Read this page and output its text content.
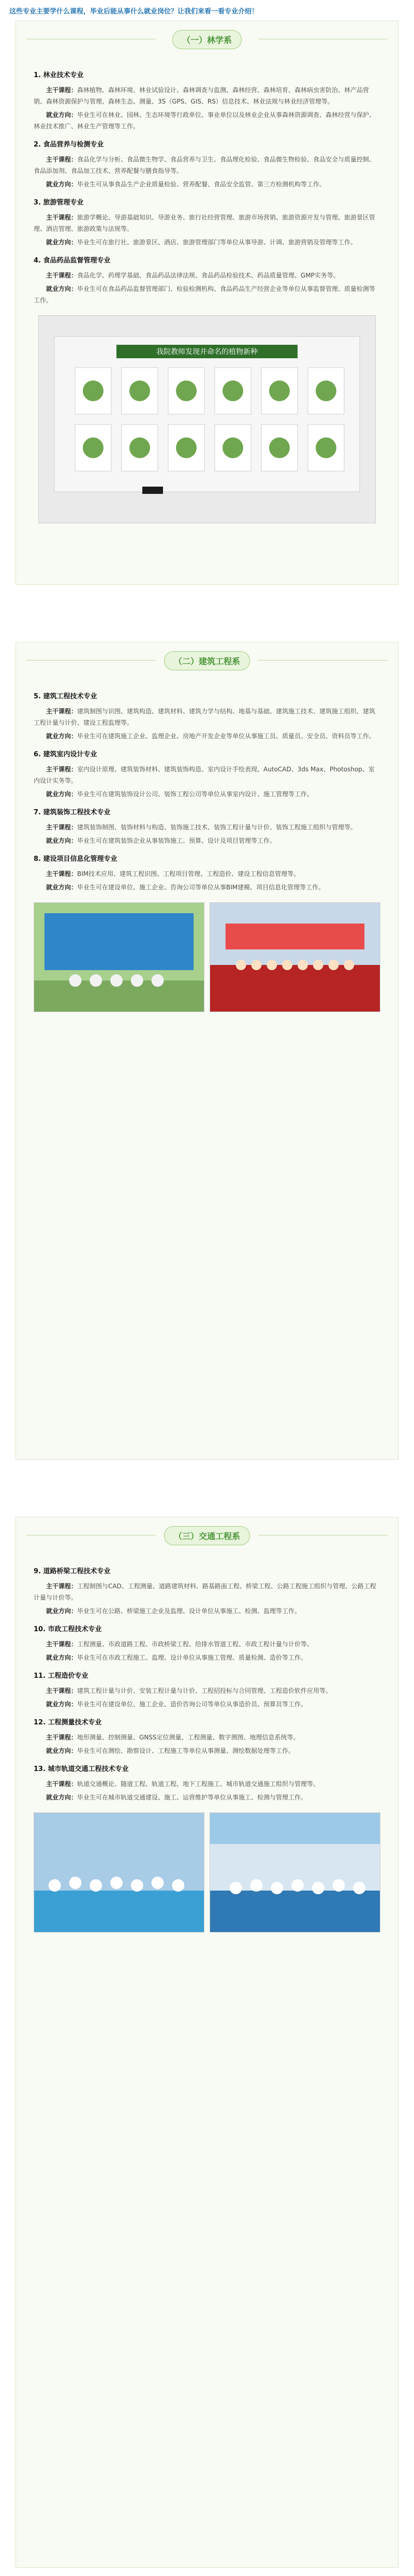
这些专业主要学什么课程，毕业后能从事什么就业岗位？让我们来看一看专业介绍！
（一）林学系
1. 林业技术专业

主干课程：森林植物、森林环境、林业试验设计、森林调查与监测、森林经营、森林培育、森林病虫害防治、林产品营销、森林资源保护与管理、森林生态、测量、3S（GPS、GIS、RS）信息技术、林业法规与林业经济管理等。

就业方向：毕业生可在林业、园林、生态环境等行政单位、事业单位以及林业企业从事森林资源调查、森林经营与保护、林业技术推广、林业生产管理等工作。

2. 食品营养与检测专业

主干课程：食品化学与分析、食品微生物学、食品营养与卫生、食品理化检验、食品微生物检验、食品安全与质量控制、食品添加剂、食品加工技术、营养配餐与膳食指导等。

就业方向：毕业生可从事食品生产企业质量检验、营养配餐、食品安全监管、第三方检测机构等工作。

3. 旅游管理专业

主干课程：旅游学概论、导游基础知识、导游业务、旅行社经营管理、旅游市场营销、旅游资源开发与管理、旅游景区管理、酒店管理、旅游政策与法规等。

就业方向：毕业生可在旅行社、旅游景区、酒店、旅游管理部门等单位从事导游、计调、旅游营销及管理等工作。

4. 食品药品监督管理专业

主干课程：食品化学、药理学基础、食品药品法律法规、食品药品检验技术、药品质量管理、GMP实务等。

就业方向：毕业生可在食品药品监督管理部门、检验检测机构、食品药品生产经营企业等单位从事监督管理、质量检测等工作。

我院教师发现并命名的植物新种
（二）建筑工程系
5. 建筑工程技术专业

主干课程：建筑制图与识图、建筑构造、建筑材料、建筑力学与结构、地基与基础、建筑施工技术、建筑施工组织、建筑工程计量与计价、建设工程监理等。

就业方向：毕业生可在建筑施工企业、监理企业、房地产开发企业等单位从事施工员、质量员、安全员、资料员等工作。

6. 建筑室内设计专业

主干课程：室内设计原理、建筑装饰材料、建筑装饰构造、室内设计手绘表现、AutoCAD、3ds Max、Photoshop、室内设计实务等。

就业方向：毕业生可在建筑装饰设计公司、装饰工程公司等单位从事室内设计、施工管理等工作。

7. 建筑装饰工程技术专业

主干课程：建筑装饰制图、装饰材料与构造、装饰施工技术、装饰工程计量与计价、装饰工程施工组织与管理等。

就业方向：毕业生可在建筑装饰企业从事装饰施工、预算、设计及项目管理等工作。

8. 建设项目信息化管理专业

主干课程：BIM技术应用、建筑工程识图、工程项目管理、工程造价、建设工程信息管理等。

就业方向：毕业生可在建设单位、施工企业、咨询公司等单位从事BIM建模、项目信息化管理等工作。

（三）交通工程系
9. 道路桥梁工程技术专业

主干课程：工程制图与CAD、工程测量、道路建筑材料、路基路面工程、桥梁工程、公路工程施工组织与管理、公路工程计量与计价等。

就业方向：毕业生可在公路、桥梁施工企业及监理、设计单位从事施工、检测、监理等工作。

10. 市政工程技术专业

主干课程：工程测量、市政道路工程、市政桥梁工程、给排水管道工程、市政工程计量与计价等。

就业方向：毕业生可在市政工程施工、监理、设计单位从事施工管理、质量检测、造价等工作。

11. 工程造价专业

主干课程：建筑工程计量与计价、安装工程计量与计价、工程招投标与合同管理、工程造价软件应用等。

就业方向：毕业生可在建设单位、施工企业、造价咨询公司等单位从事造价员、预算员等工作。

12. 工程测量技术专业

主干课程：地形测量、控制测量、GNSS定位测量、工程测量、数字测图、地理信息系统等。

就业方向：毕业生可在测绘、勘察设计、工程施工等单位从事测量、测绘数据处理等工作。

13. 城市轨道交通工程技术专业

主干课程：轨道交通概论、隧道工程、轨道工程、地下工程施工、城市轨道交通施工组织与管理等。

就业方向：毕业生可在城市轨道交通建设、施工、运营维护等单位从事施工、检测与管理工作。
